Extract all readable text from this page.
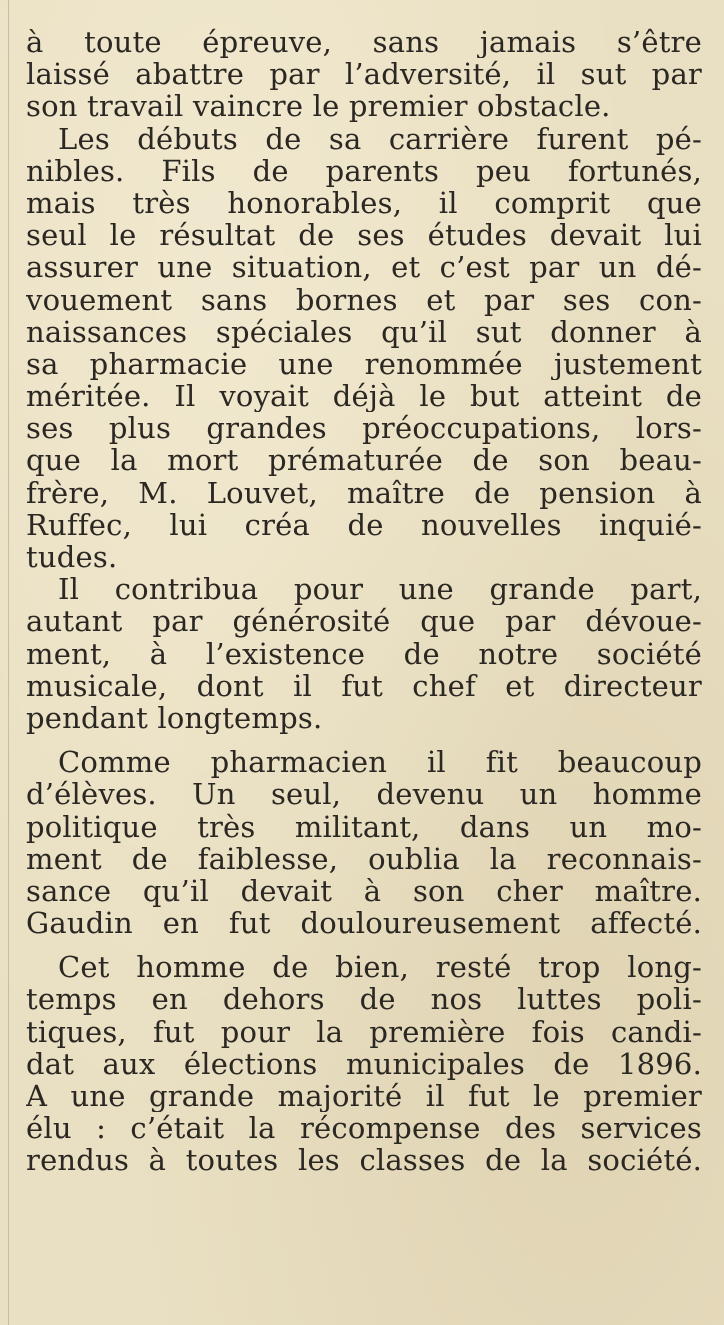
à toute épreuve, sans jamais s’être
laissé abattre par l’adversité, il sut par
son travail vaincre le premier obstacle.

Les débuts de sa carrière furent pé-
nibles. Fils de parents peu fortunés,
mais très honorables, il comprit que
seul le résultat de ses études devait lui
assurer une situation, et c’est par un dé-
vouement sans bornes et par ses con-
naissances spéciales qu’il sut donner à
sa pharmacie une renommée justement
méritée. Il voyait déjà le but atteint de
ses plus grandes préoccupations, lors-
que la mort prématurée de son beau-
frère, M. Louvet, maître de pension à
Ruffec, lui créa de nouvelles inquié-
tudes.

Il contribua pour une grande part,
autant par générosité que par dévoue-
ment, à l’existence de notre société
musicale, dont il fut chef et directeur
pendant longtemps.

Comme pharmacien il fit beaucoup
d’élèves. Un seul, devenu un homme
politique très militant, dans un mo-
ment de faiblesse, oublia la reconnais-
sance qu’il devait à son cher maître.
Gaudin en fut douloureusement affecté.

Cet homme de bien, resté trop long-
temps en dehors de nos luttes poli-
tiques, fut pour la première fois candi-
dat aux élections municipales de 1896.
A une grande majorité il fut le premier
élu : c’était la récompense des services
rendus à toutes les classes de la société.
